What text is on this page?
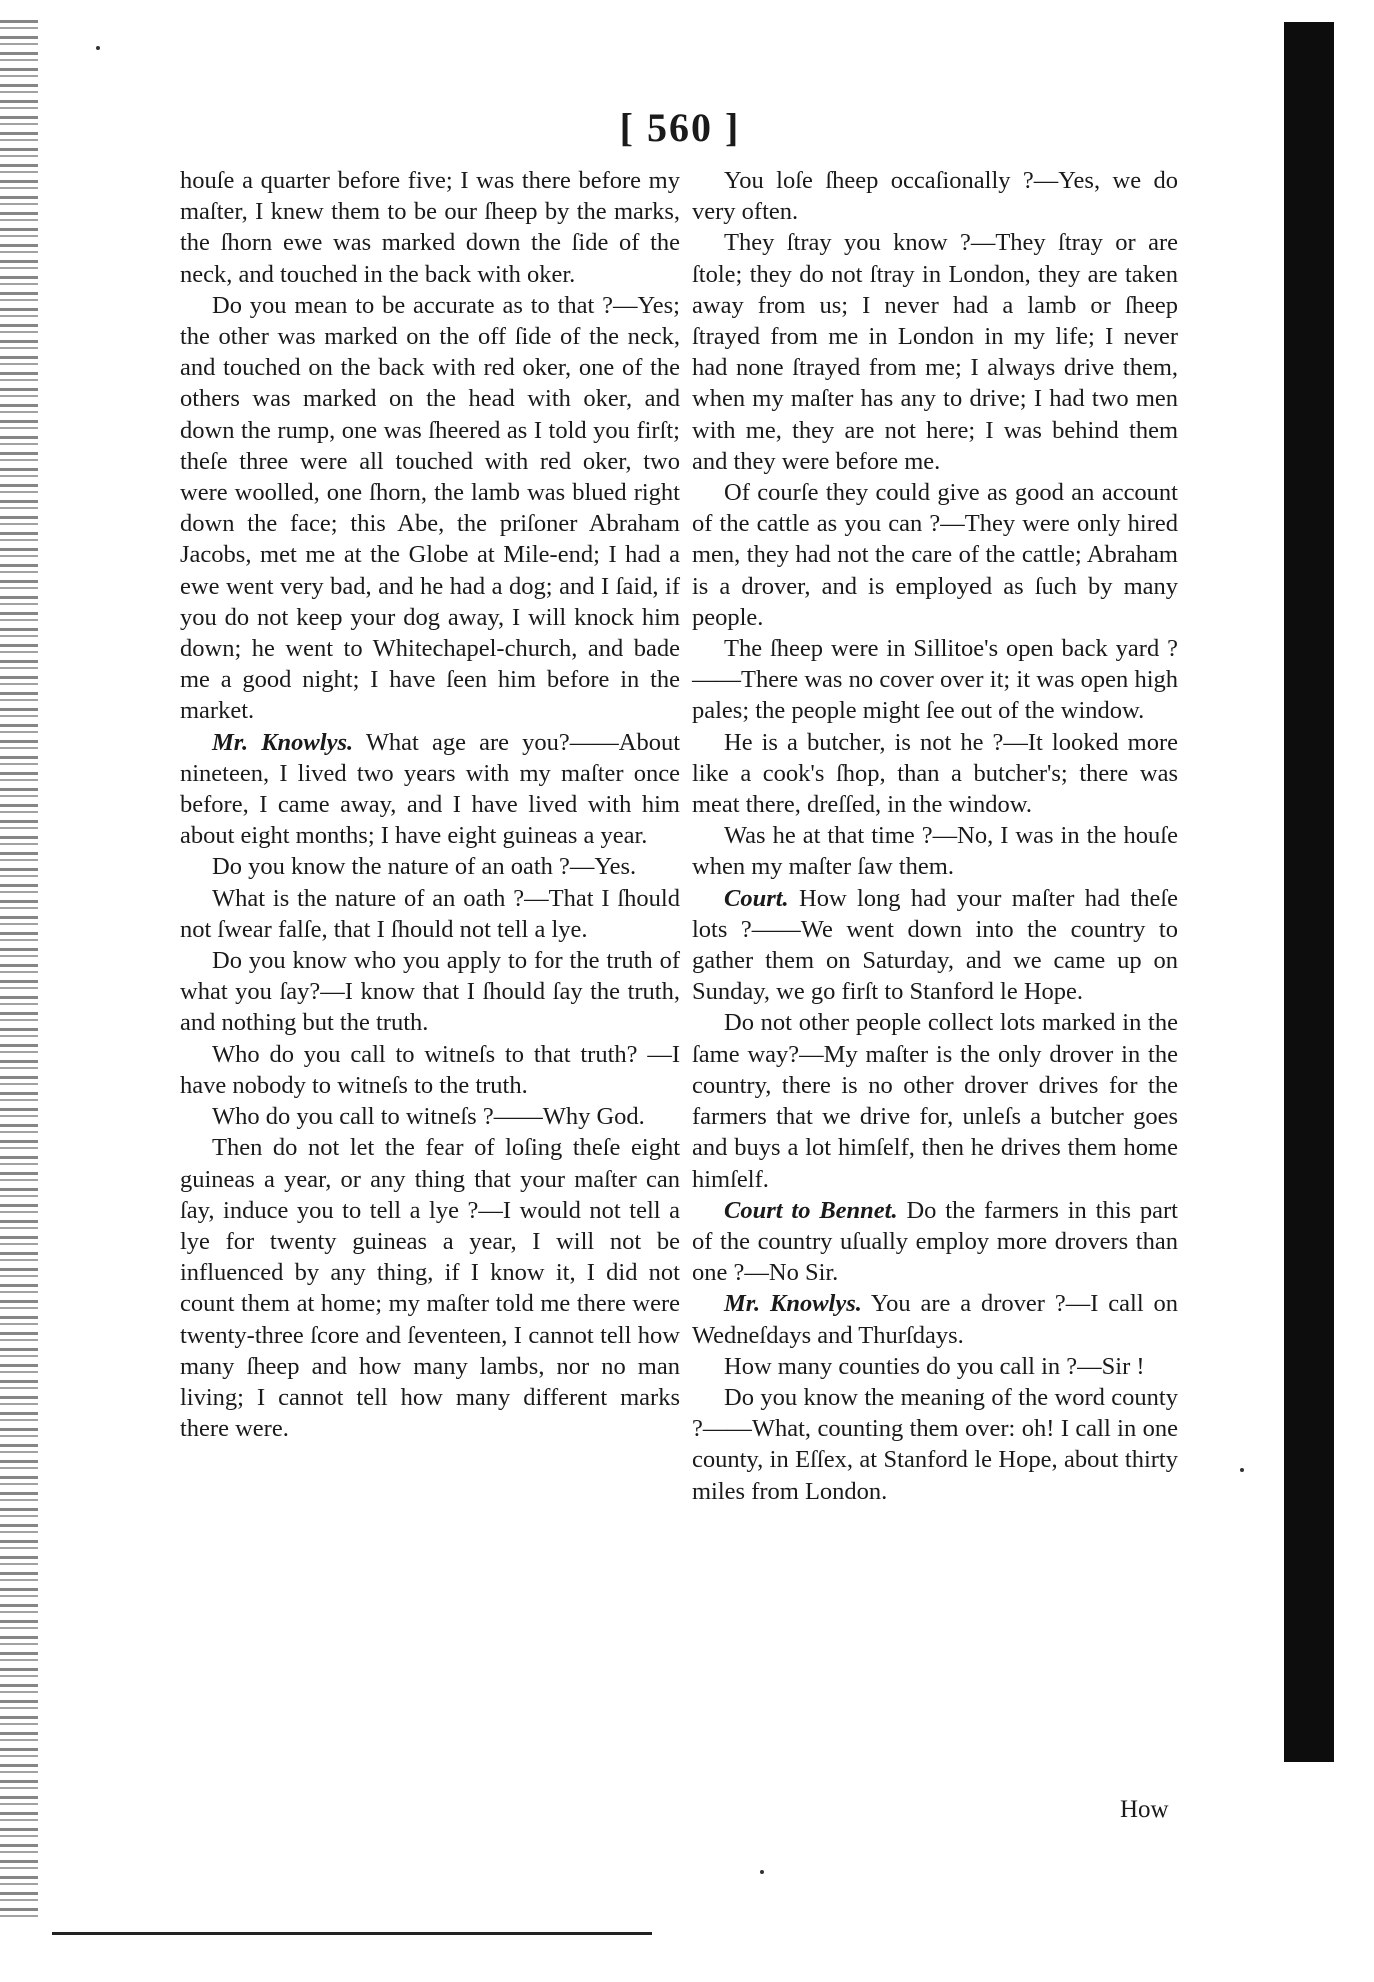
[ 560 ]

houſe a quarter before five; I was there before my maſter, I knew them to be our ſheep by the marks, the ſhorn ewe was marked down the ſide of the neck, and touched in the back with oker.

Do you mean to be accurate as to that ?—Yes; the other was marked on the off ſide of the neck, and touched on the back with red oker, one of the others was marked on the head with oker, and down the rump, one was ſheered as I told you firſt; theſe three were all touched with red oker, two were woolled, one ſhorn, the lamb was blued right down the face; this Abe, the priſoner Abraham Jacobs, met me at the Globe at Mile-end; I had a ewe went very bad, and he had a dog; and I ſaid, if you do not keep your dog away, I will knock him down; he went to Whitechapel-church, and bade me a good night; I have ſeen him before in the market.

Mr. Knowlys. What age are you?——About nineteen, I lived two years with my maſter once before, I came away, and I have lived with him about eight months; I have eight guineas a year.

Do you know the nature of an oath ?—Yes.

What is the nature of an oath ?—That I ſhould not ſwear falſe, that I ſhould not tell a lye.

Do you know who you apply to for the truth of what you ſay?—I know that I ſhould ſay the truth, and nothing but the truth.

Who do you call to witneſs to that truth? —I have nobody to witneſs to the truth.

Who do you call to witneſs ?——Why God.

Then do not let the fear of loſing theſe eight guineas a year, or any thing that your maſter can ſay, induce you to tell a lye ?—I would not tell a lye for twenty guineas a year, I will not be influenced by any thing, if I know it, I did not count them at home; my maſter told me there were twenty-three ſcore and ſeventeen, I cannot tell how many ſheep and how many lambs, nor no man living; I cannot tell how many different marks there were.

You loſe ſheep occaſionally ?—Yes, we do very often.

They ſtray you know ?—They ſtray or are ſtole; they do not ſtray in London, they are taken away from us; I never had a lamb or ſheep ſtrayed from me in London in my life; I never had none ſtrayed from me; I always drive them, when my maſter has any to drive; I had two men with me, they are not here; I was behind them and they were before me.

Of courſe they could give as good an account of the cattle as you can ?—They were only hired men, they had not the care of the cattle; Abraham is a drover, and is employed as ſuch by many people.

The ſheep were in Sillitoe's open back yard ?——There was no cover over it; it was open high pales; the people might ſee out of the window.

He is a butcher, is not he ?—It looked more like a cook's ſhop, than a butcher's; there was meat there, dreſſed, in the window.

Was he at that time ?—No, I was in the houſe when my maſter ſaw them.

Court. How long had your maſter had theſe lots ?——We went down into the country to gather them on Saturday, and we came up on Sunday, we go firſt to Stanford le Hope.

Do not other people collect lots marked in the ſame way?—My maſter is the only drover in the country, there is no other drover drives for the farmers that we drive for, unleſs a butcher goes and buys a lot himſelf, then he drives them home himſelf.

Court to Bennet. Do the farmers in this part of the country uſually employ more drovers than one ?—No Sir.

Mr. Knowlys. You are a drover ?—I call on Wedneſdays and Thurſdays.

How many counties do you call in ?—Sir !

Do you know the meaning of the word county ?——What, counting them over: oh! I call in one county, in Eſſex, at Stanford le Hope, about thirty miles from London.

How
